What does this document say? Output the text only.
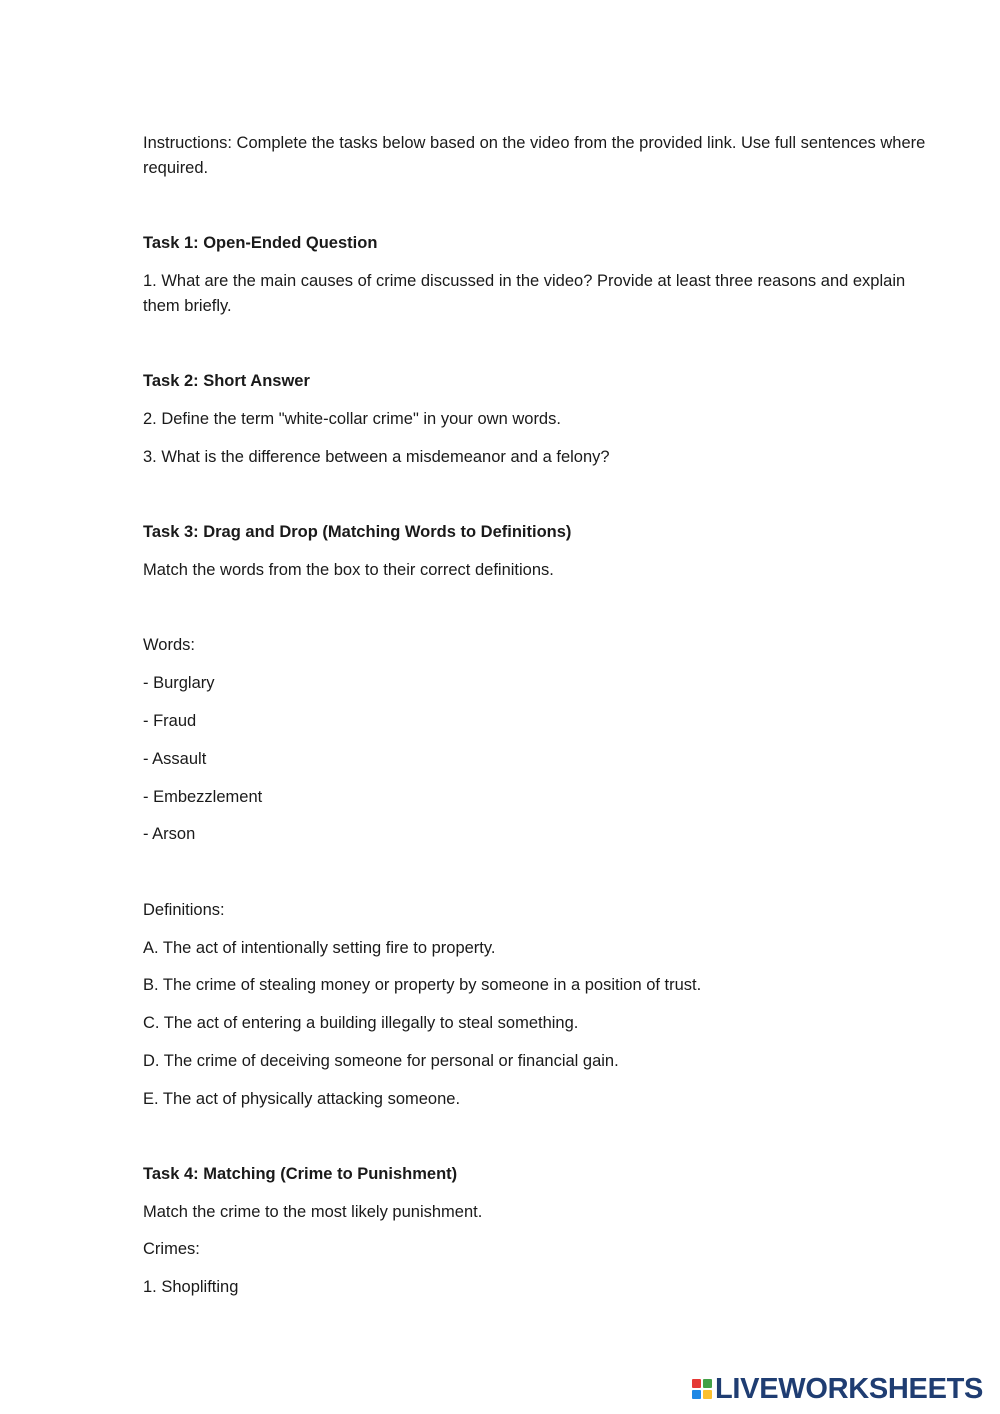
Instructions: Complete the tasks below based on the video from the provided link. Use full sentences where required.

Task 1: Open-Ended Question

1. What are the main causes of crime discussed in the video? Provide at least three reasons and explain them briefly.

Task 2: Short Answer

2. Define the term "white-collar crime" in your own words.

3. What is the difference between a misdemeanor and a felony?

Task 3: Drag and Drop (Matching Words to Definitions)

Match the words from the box to their correct definitions.

Words:

- Burglary

- Fraud

- Assault

- Embezzlement

- Arson

Definitions:

A. The act of intentionally setting fire to property.

B. The crime of stealing money or property by someone in a position of trust.

C. The act of entering a building illegally to steal something.

D. The crime of deceiving someone for personal or financial gain.

E. The act of physically attacking someone.

Task 4: Matching (Crime to Punishment)

Match the crime to the most likely punishment.

Crimes:

1. Shoplifting

LIVEWORKSHEETS
